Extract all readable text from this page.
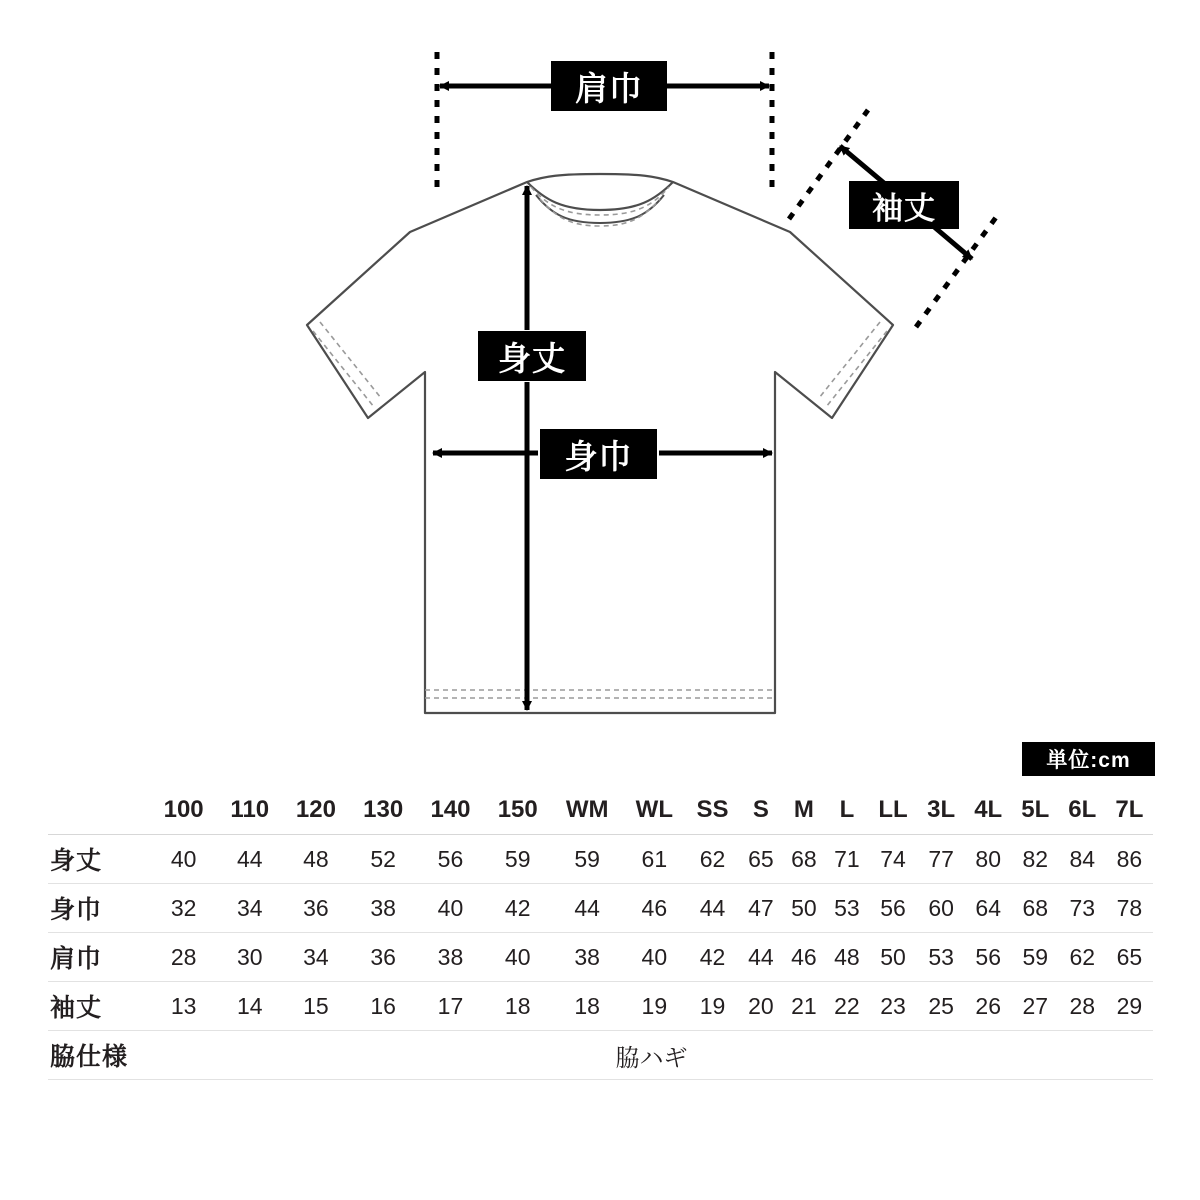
肩巾
袖丈
身丈
身巾
単位:cm
	100	110	120	130	140	150	WM	WL	SS	S	M	L	LL	3L	4L	5L	6L	7L
身丈	40	44	48	52	56	59	59	61	62	65	68	71	74	77	80	82	84	86
身巾	32	34	36	38	40	42	44	46	44	47	50	53	56	60	64	68	73	78
肩巾	28	30	34	36	38	40	38	40	42	44	46	48	50	53	56	59	62	65
袖丈	13	14	15	16	17	18	18	19	19	20	21	22	23	25	26	27	28	29
脇仕様	脇ハギ																	
